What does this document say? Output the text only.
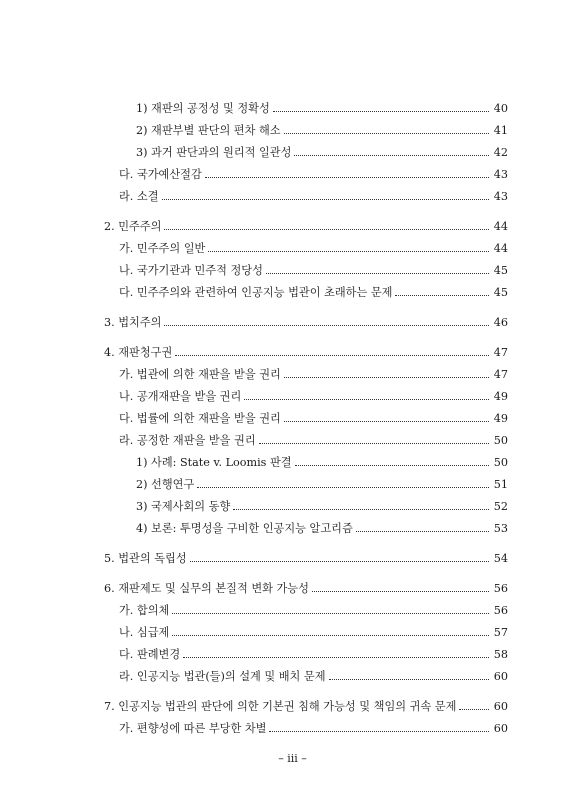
1) 재판의 공정성 및 정확성	40
2) 재판부별 판단의 편차 해소	41
3) 과거 판단과의 원리적 일관성	42
다. 국가예산절감	43
라. 소결	43
2. 민주주의	44
가. 민주주의 일반	44
나. 국가기관과 민주적 정당성	45
다. 민주주의와 관련하여 인공지능 법관이 초래하는 문제	45
3. 법치주의	46
4. 재판청구권	47
가. 법관에 의한 재판을 받을 권리	47
나. 공개재판을 받을 권리	49
다. 법률에 의한 재판을 받을 권리	49
라. 공정한 재판을 받을 권리	50
1) 사례: State v. Loomis 판결	50
2) 선행연구	51
3) 국제사회의 동향	52
4) 보론: 투명성을 구비한 인공지능 알고리즘	53
5. 법관의 독립성	54
6. 재판제도 및 실무의 본질적 변화 가능성	56
가. 합의체	56
나. 심급제	57
다. 판례변경	58
라. 인공지능 법관(들)의 설계 및 배치 문제	60
7. 인공지능 법관의 판단에 의한 기본권 침해 가능성 및 책임의 귀속 문제	60
가. 편향성에 따른 부당한 차별	60
– iii –
